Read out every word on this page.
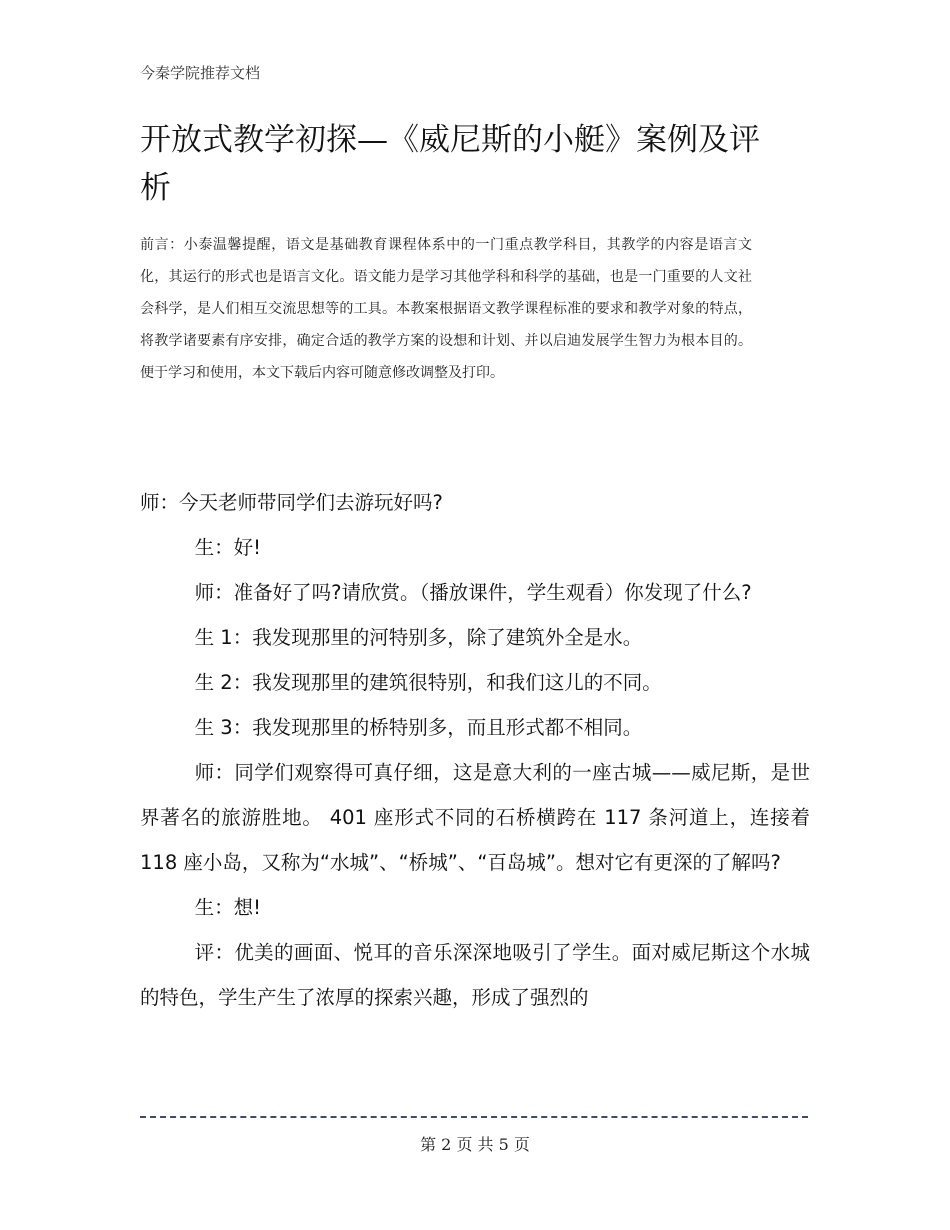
今秦学院推荐文档
开放式教学初探—《威尼斯的小艇》案例及评析
前言：小泰温馨提醒，语文是基础教育课程体系中的一门重点教学科目，其教学的内容是语言文化，其运行的形式也是语言文化。语文能力是学习其他学科和科学的基础，也是一门重要的人文社会科学，是人们相互交流思想等的工具。本教案根据语文教学课程标准的要求和教学对象的特点，将教学诸要素有序安排，确定合适的教学方案的设想和计划、并以启迪发展学生智力为根本目的。便于学习和使用，本文下载后内容可随意修改调整及打印。

师：今天老师带同学们去游玩好吗?

生：好!

师：准备好了吗?请欣赏。（播放课件，学生观看）你发现了什么?

生 1：我发现那里的河特别多，除了建筑外全是水。

生 2：我发现那里的建筑很特别，和我们这儿的不同。

生 3：我发现那里的桥特别多，而且形式都不相同。

师：同学们观察得可真仔细，这是意大利的一座古城——威尼斯，是世界著名的旅游胜地。 401 座形式不同的石桥横跨在 117 条河道上，连接着 118 座小岛，又称为“水城”、“桥城”、“百岛城”。想对它有更深的了解吗?

生：想!

评：优美的画面、悦耳的音乐深深地吸引了学生。面对威尼斯这个水城的特色，学生产生了浓厚的探索兴趣，形成了强烈的

第 2 页 共 5 页
